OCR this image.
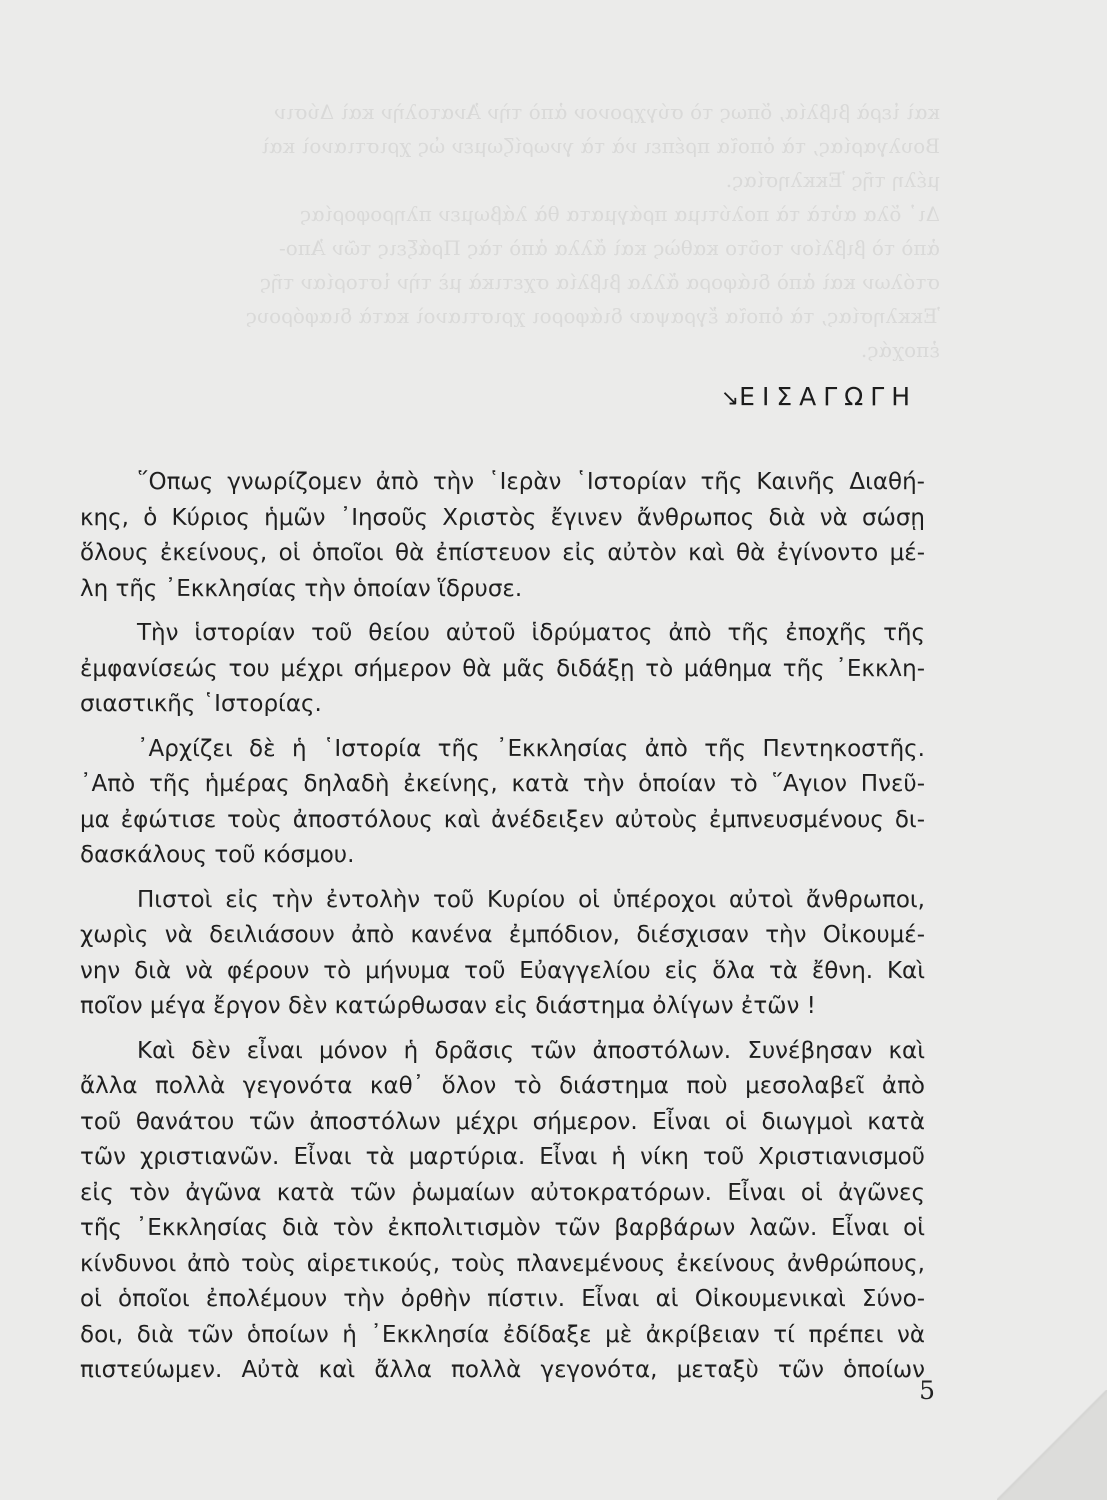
καὶ ἱερὰ βιβλία, ὅπως τὸ σύγχρονον ἀπὸ τὴν Ἀνατολὴν καὶ Δύσιν
Βουλγαρίας, τὰ ὁποῖα πρέπει νὰ τὰ γνωρίζωμεν ὡς χριστιανοὶ καὶ
μέλη τῆς Ἐκκλησίας.
Δι᾿ ὅλα αὐτὰ τὰ πολύτιμα πράγματα θὰ λάβωμεν πληροφορίας
ἀπὸ τὸ βιβλίον τοῦτο καθὼς καὶ ἄλλα ἀπὸ τὰς Πράξεις τῶν Ἀπο-
στόλων καὶ ἀπὸ διάφορα ἄλλα βιβλία σχετικὰ μὲ τὴν ἱστορίαν τῆς
Ἐκκλησίας, τὰ ὁποῖα ἔγραψαν διάφοροι χριστιανοὶ κατὰ διαφόρους
ἐποχάς.
↘ΕΙΣΑΓΩΓΗ
῞Οπως γνωρίζομεν ἀπὸ τὴν ῾Ιερὰν ῾Ιστορίαν τῆς Καινῆς Διαθή-
κης, ὁ Κύριος ἡμῶν ᾿Ιησοῦς Χριστὸς ἔγινεν ἄνθρωπος διὰ νὰ σώσῃ
ὅλους ἐκείνους, οἱ ὁποῖοι θὰ ἐπίστευον εἰς αὐτὸν καὶ θὰ ἐγίνοντο μέ-
λη τῆς ᾿Εκκλησίας τὴν ὁποίαν ἵδρυσε.
Τὴν ἱστορίαν τοῦ θείου αὐτοῦ ἱδρύματος ἀπὸ τῆς ἐποχῆς τῆς
ἐμφανίσεώς του μέχρι σήμερον θὰ μᾶς διδάξῃ τὸ μάθημα τῆς ᾿Εκκλη-
σιαστικῆς ῾Ιστορίας.
᾿Αρχίζει δὲ ἡ ῾Ιστορία τῆς ᾿Εκκλησίας ἀπὸ τῆς Πεντηκοστῆς.
᾿Απὸ τῆς ἡμέρας δηλαδὴ ἐκείνης, κατὰ τὴν ὁποίαν τὸ ῞Αγιον Πνεῦ-
μα ἐφώτισε τοὺς ἀποστόλους καὶ ἀνέδειξεν αὐτοὺς ἐμπνευσμένους δι-
δασκάλους τοῦ κόσμου.
Πιστοὶ εἰς τὴν ἐντολὴν τοῦ Κυρίου οἱ ὑπέροχοι αὐτοὶ ἄνθρωποι,
χωρὶς νὰ δειλιάσουν ἀπὸ κανένα ἐμπόδιον, διέσχισαν τὴν Οἰκουμέ-
νην διὰ νὰ φέρουν τὸ μήνυμα τοῦ Εὐαγγελίου εἰς ὅλα τὰ ἔθνη. Καὶ
ποῖον μέγα ἔργον δὲν κατώρθωσαν εἰς διάστημα ὀλίγων ἐτῶν !
Καὶ δὲν εἶναι μόνον ἡ δρᾶσις τῶν ἀποστόλων. Συνέβησαν καὶ
ἄλλα πολλὰ γεγονότα καθ᾿ ὅλον τὸ διάστημα ποὺ μεσολαβεῖ ἀπὸ
τοῦ θανάτου τῶν ἀποστόλων μέχρι σήμερον. Εἶναι οἱ διωγμοὶ κατὰ
τῶν χριστιανῶν. Εἶναι τὰ μαρτύρια. Εἶναι ἡ νίκη τοῦ Χριστιανισμοῦ
εἰς τὸν ἀγῶνα κατὰ τῶν ῥωμαίων αὐτοκρατόρων. Εἶναι οἱ ἀγῶνες
τῆς ᾿Εκκλησίας διὰ τὸν ἐκπολιτισμὸν τῶν βαρβάρων λαῶν. Εἶναι οἱ
κίνδυνοι ἀπὸ τοὺς αἱρετικούς, τοὺς πλανεμένους ἐκείνους ἀνθρώπους,
οἱ ὁποῖοι ἐπολέμουν τὴν ὀρθὴν πίστιν. Εἶναι αἱ Οἰκουμενικαὶ Σύνο-
δοι, διὰ τῶν ὁποίων ἡ ᾿Εκκλησία ἐδίδαξε μὲ ἀκρίβειαν τί πρέπει νὰ
πιστεύωμεν. Αὐτὰ καὶ ἄλλα πολλὰ γεγονότα, μεταξὺ τῶν ὁποίων
5
